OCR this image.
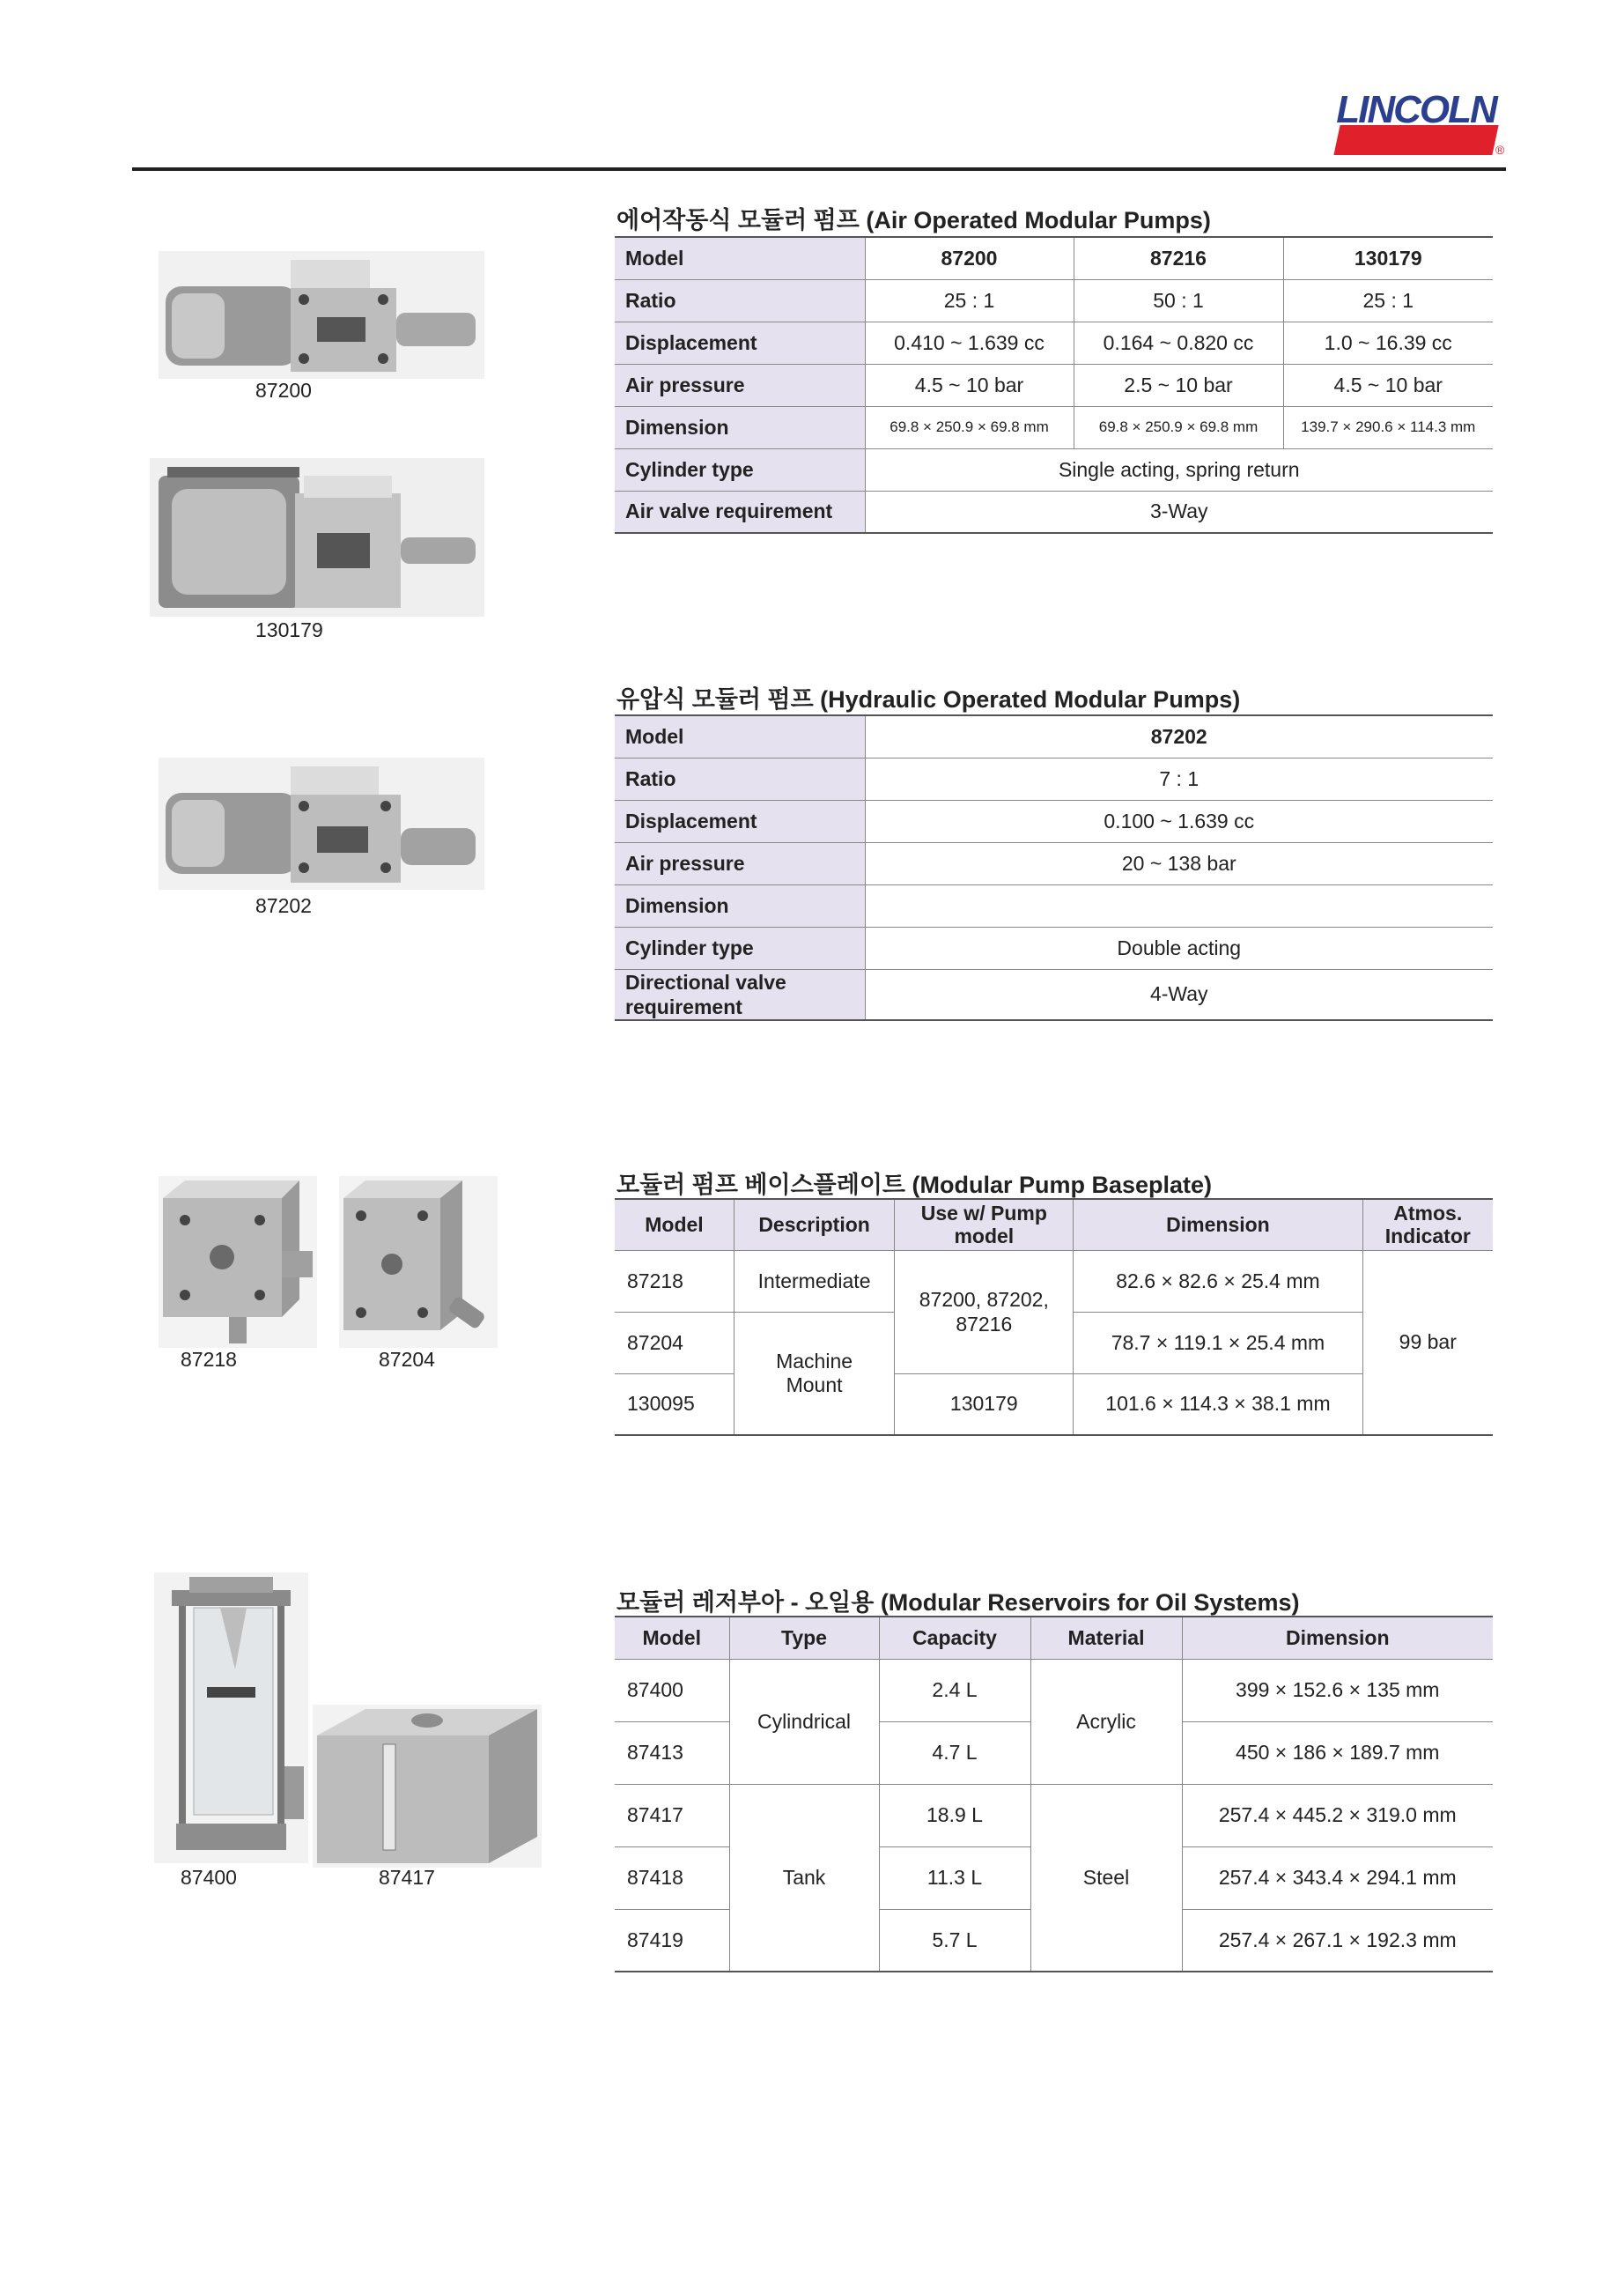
LINCOLN
®
87200
130179
에어작동식 모듈러 펌프 (Air Operated Modular Pumps)
Model	87200	87216	130179
Ratio	25 : 1	50 : 1	25 : 1
Displacement	0.410 ~ 1.639 cc	0.164 ~ 0.820 cc	1.0 ~ 16.39 cc
Air pressure	4.5 ~ 10 bar	2.5 ~ 10 bar	4.5 ~ 10 bar
Dimension	69.8 × 250.9 × 69.8 mm	69.8 × 250.9 × 69.8 mm	139.7 × 290.6 × 114.3 mm
Cylinder type	Single acting, spring return		
Air valve requirement	3-Way		
87202
유압식 모듈러 펌프 (Hydraulic Operated Modular Pumps)
Model	87202
Ratio	7 : 1
Displacement	0.100 ~ 1.639 cc
Air pressure	20 ~ 138 bar
Dimension	
Cylinder type	Double acting
Directional valve requirement	4-Way
87218	87204
모듈러 펌프 베이스플레이트 (Modular Pump Baseplate)
Model	Description	Use w/ Pump model	Dimension	Atmos. Indicator
87218	Intermediate	87200, 87202, 87216	82.6 × 82.6 × 25.4 mm	99 bar
87204	Machine Mount		78.7 × 119.1 × 25.4 mm	
130095		130179	101.6 × 114.3 × 38.1 mm	
87400	87417
모듈러 레저부아 - 오일용 (Modular Reservoirs for Oil Systems)
Model	Type	Capacity	Material	Dimension
87400	Cylindrical	2.4 L	Acrylic	399 × 152.6 × 135 mm
87413		4.7 L		450 × 186 × 189.7 mm
87417	Tank	18.9 L	Steel	257.4 × 445.2 × 319.0 mm
87418		11.3 L		257.4 × 343.4 × 294.1 mm
87419		5.7 L		257.4 × 267.1 × 192.3 mm
